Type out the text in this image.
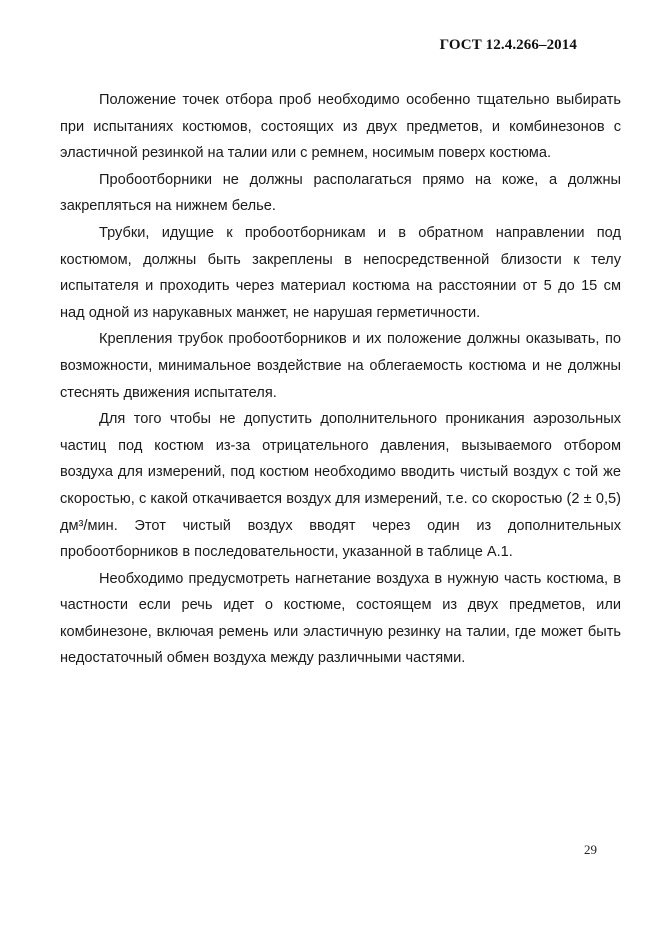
ГОСТ 12.4.266–2014

Положение точек отбора проб необходимо особенно тщательно выбирать при испытаниях костюмов, состоящих из двух предметов, и комбинезонов с эластичной резинкой на талии или с ремнем, носимым поверх костюма.

Пробоотборники не должны располагаться прямо на коже, а должны закрепляться на нижнем белье.

Трубки, идущие к пробоотборникам и в обратном направлении под костюмом, должны быть закреплены в непосредственной близости к телу испытателя и проходить через материал костюма на расстоянии от 5 до 15 см над одной из нарукавных манжет, не нарушая герметичности.

Крепления трубок пробоотборников и их положение должны оказывать, по возможности, минимальное воздействие на облегаемость костюма и не должны стеснять движения испытателя.

Для того чтобы не допустить дополнительного проникания аэрозольных частиц под костюм из-за отрицательного давления, вызываемого отбором воздуха для измерений, под костюм необходимо вводить чистый воздух с той же скоростью, с какой откачивается воздух для измерений, т.е. со скоростью (2 ± 0,5) дм³/мин. Этот чистый воздух вводят через один из дополнительных пробоотборников в последовательности, указанной в таблице А.1.

Необходимо предусмотреть нагнетание воздуха в нужную часть костюма, в частности если речь идет о костюме, состоящем из двух предметов, или комбинезоне, включая ремень или эластичную резинку на талии, где может быть недостаточный обмен воздуха между различными частями.

29
